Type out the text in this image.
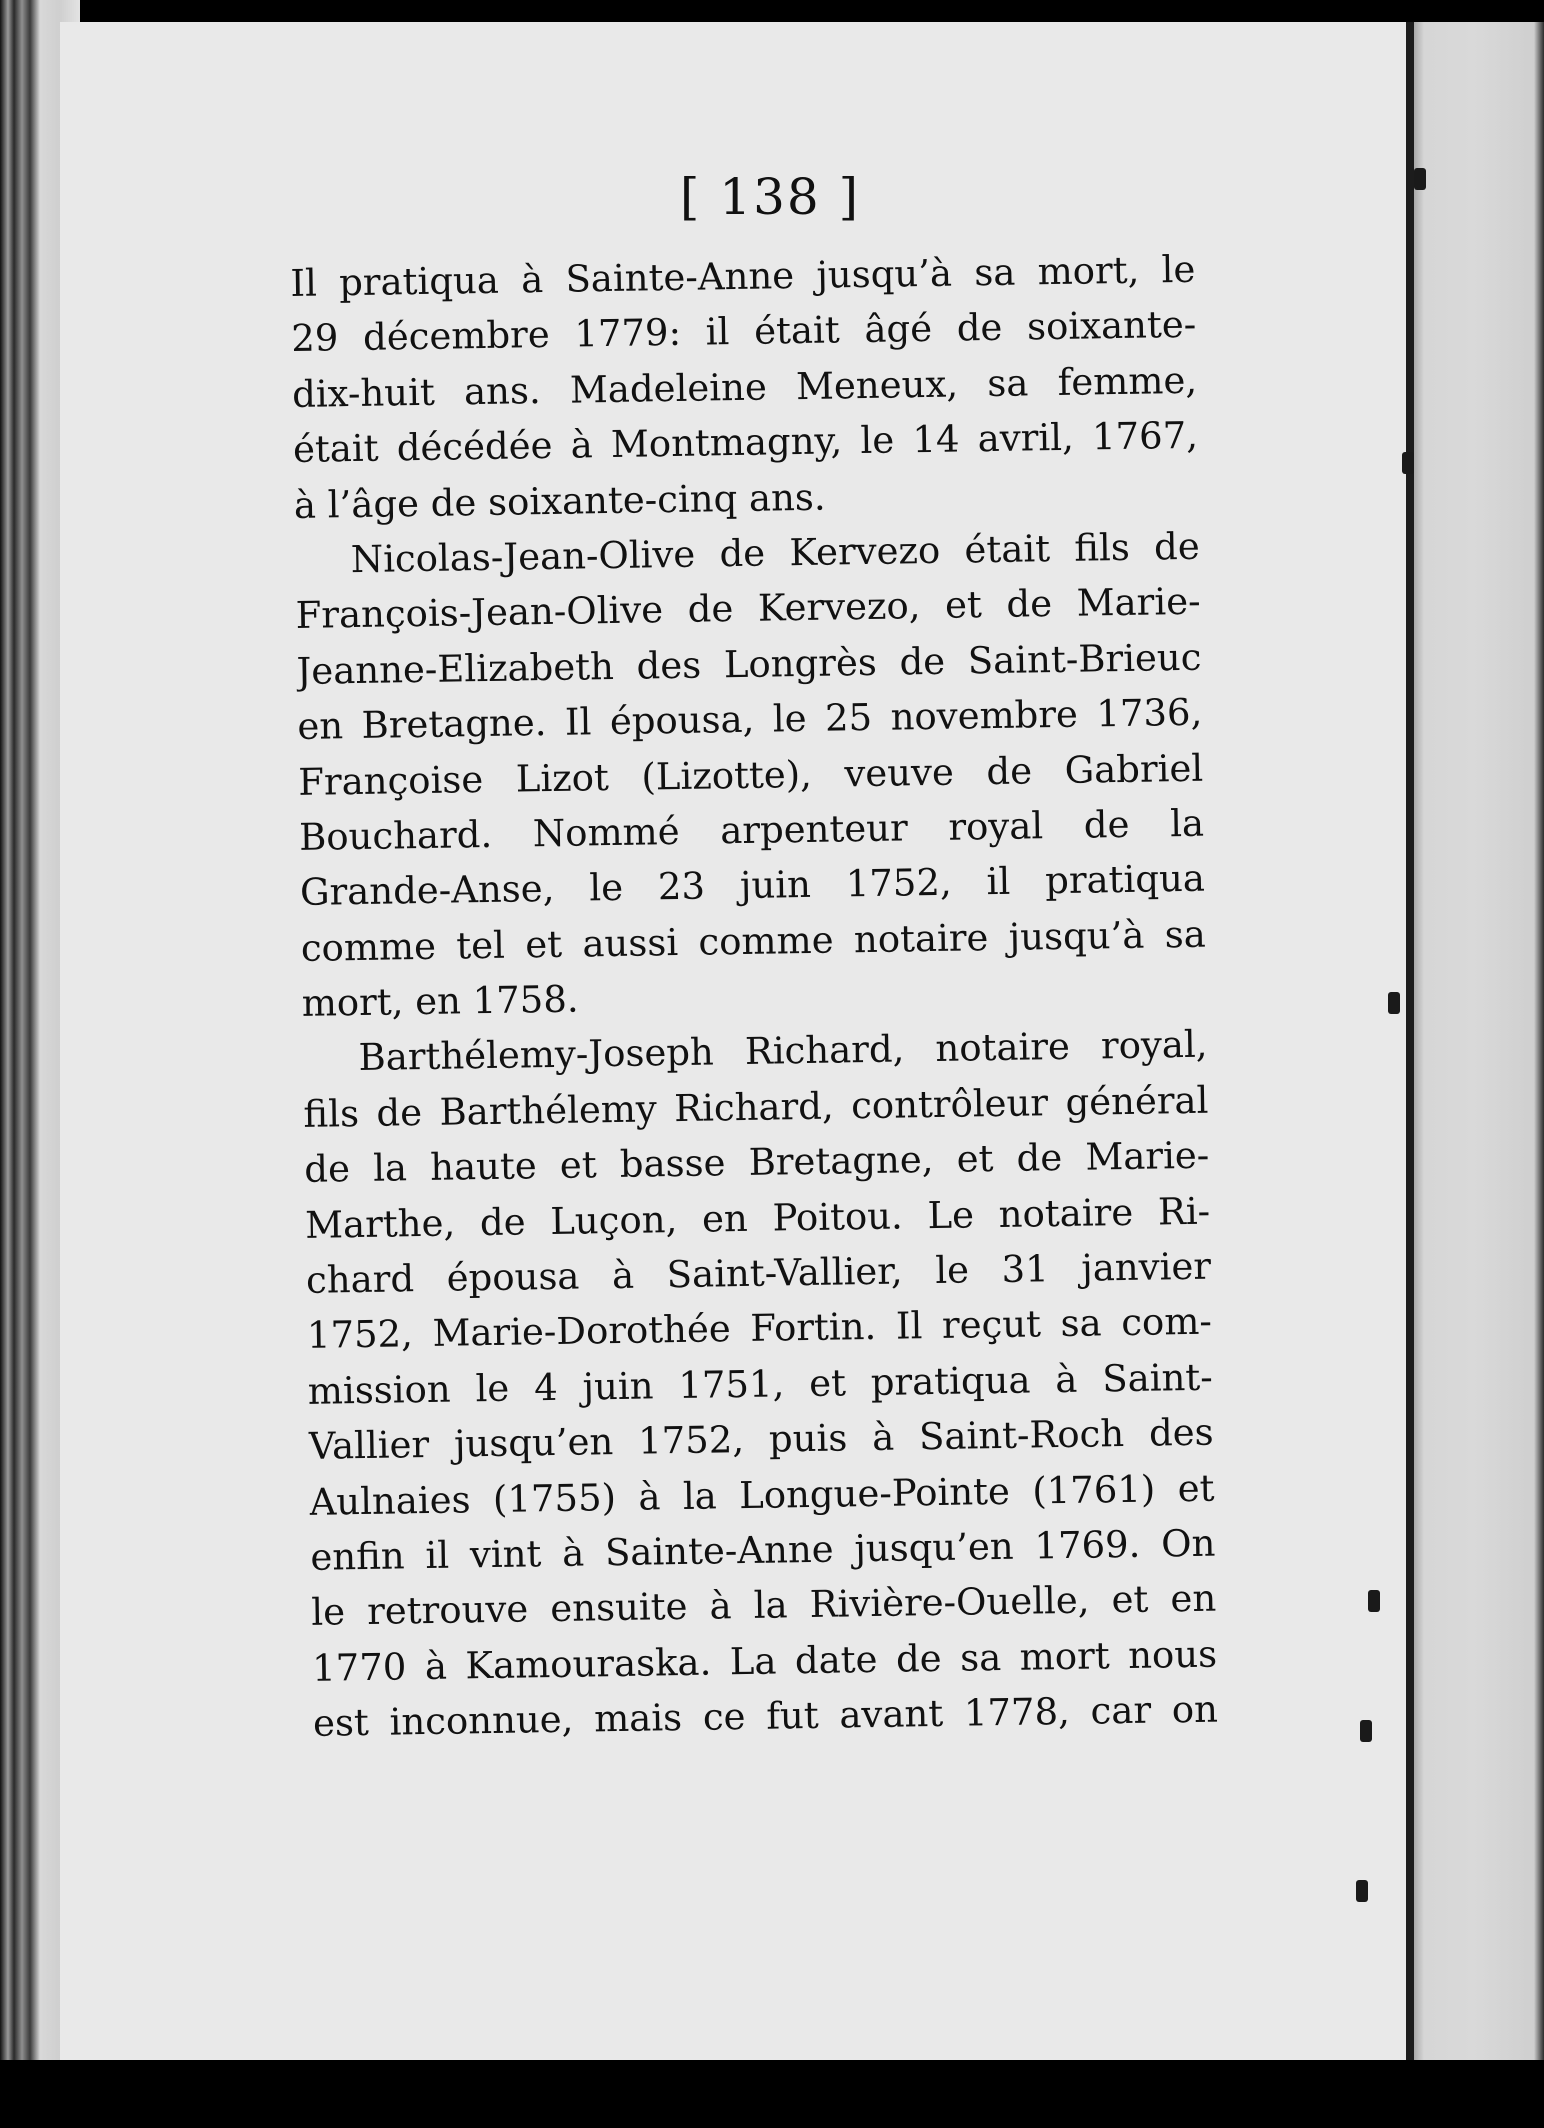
[ 138 ]
Il pratiqua à Sainte-Anne jusqu’à sa mort, le
29 décembre 1779: il était âgé de soixante-
dix-huit ans. Madeleine Meneux, sa femme,
était décédée à Montmagny, le 14 avril, 1767,
à l’âge de soixante-cinq ans.
Nicolas-Jean-Olive de Kervezo était fils de
François-Jean-Olive de Kervezo, et de Marie-
Jeanne-Elizabeth des Longrès de Saint-Brieuc
en Bretagne. Il épousa, le 25 novembre 1736,
Françoise Lizot (Lizotte), veuve de Gabriel
Bouchard. Nommé arpenteur royal de la
Grande-Anse, le 23 juin 1752, il pratiqua
comme tel et aussi comme notaire jusqu’à sa
mort, en 1758.
Barthélemy-Joseph Richard, notaire royal,
fils de Barthélemy Richard, contrôleur général
de la haute et basse Bretagne, et de Marie-
Marthe, de Luçon, en Poitou. Le notaire Ri-
chard épousa à Saint-Vallier, le 31 janvier
1752, Marie-Dorothée Fortin. Il reçut sa com-
mission le 4 juin 1751, et pratiqua à Saint-
Vallier jusqu’en 1752, puis à Saint-Roch des
Aulnaies (1755) à la Longue-Pointe (1761) et
enfin il vint à Sainte-Anne jusqu’en 1769. On
le retrouve ensuite à la Rivière-Ouelle, et en
1770 à Kamouraska. La date de sa mort nous
est inconnue, mais ce fut avant 1778, car on
